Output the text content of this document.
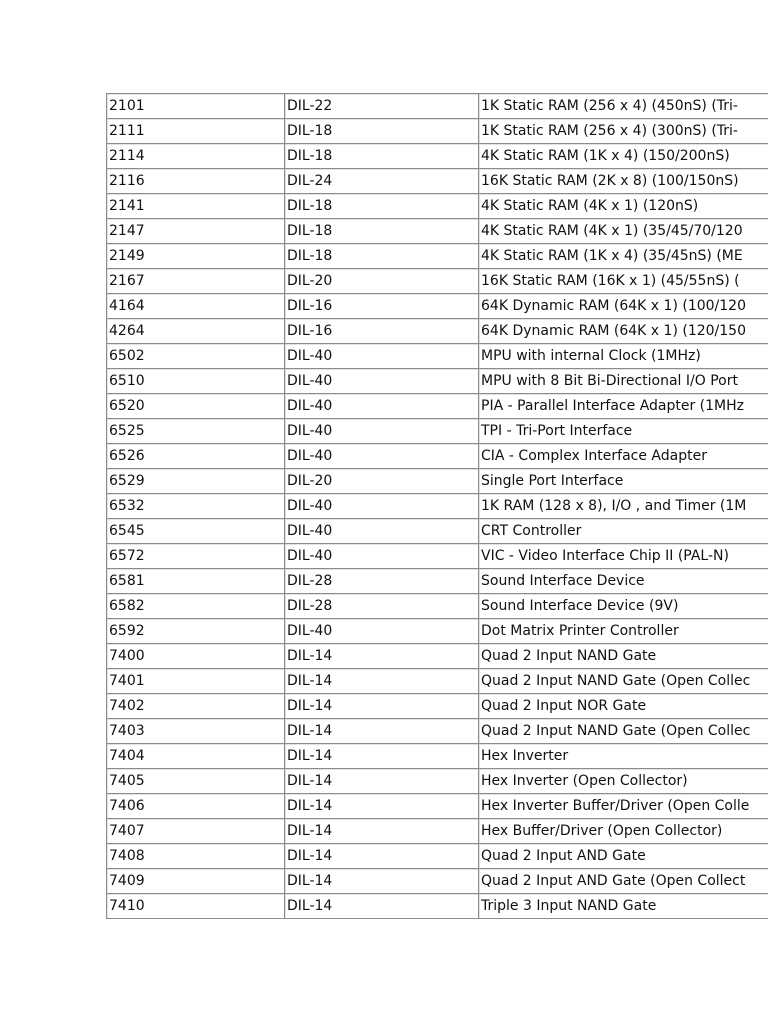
2101	DIL-22	1K Static RAM (256 x 4) (450nS) (Tri-
2111	DIL-18	1K Static RAM (256 x 4) (300nS) (Tri-
2114	DIL-18	4K Static RAM (1K x 4) (150/200nS)
2116	DIL-24	16K Static RAM (2K x 8) (100/150nS)
2141	DIL-18	4K Static RAM (4K x 1) (120nS)
2147	DIL-18	4K Static RAM (4K x 1) (35/45/70/120
2149	DIL-18	4K Static RAM (1K x 4) (35/45nS) (ME
2167	DIL-20	16K Static RAM (16K x 1) (45/55nS) (
4164	DIL-16	64K Dynamic RAM (64K x 1) (100/120
4264	DIL-16	64K Dynamic RAM (64K x 1) (120/150
6502	DIL-40	MPU with internal Clock (1MHz)
6510	DIL-40	MPU with 8 Bit Bi-Directional I/O Port
6520	DIL-40	PIA - Parallel Interface Adapter (1MHz
6525	DIL-40	TPI - Tri-Port Interface
6526	DIL-40	CIA - Complex Interface Adapter
6529	DIL-20	Single Port Interface
6532	DIL-40	1K RAM (128 x 8), I/O , and Timer (1M
6545	DIL-40	CRT Controller
6572	DIL-40	VIC - Video Interface Chip II (PAL-N)
6581	DIL-28	Sound Interface Device
6582	DIL-28	Sound Interface Device (9V)
6592	DIL-40	Dot Matrix Printer Controller
7400	DIL-14	Quad 2 Input NAND Gate
7401	DIL-14	Quad 2 Input NAND Gate (Open Collec
7402	DIL-14	Quad 2 Input NOR Gate
7403	DIL-14	Quad 2 Input NAND Gate (Open Collec
7404	DIL-14	Hex Inverter
7405	DIL-14	Hex Inverter (Open Collector)
7406	DIL-14	Hex Inverter Buffer/Driver (Open Colle
7407	DIL-14	Hex Buffer/Driver (Open Collector)
7408	DIL-14	Quad 2 Input AND Gate
7409	DIL-14	Quad 2 Input AND Gate (Open Collect
7410	DIL-14	Triple 3 Input NAND Gate
